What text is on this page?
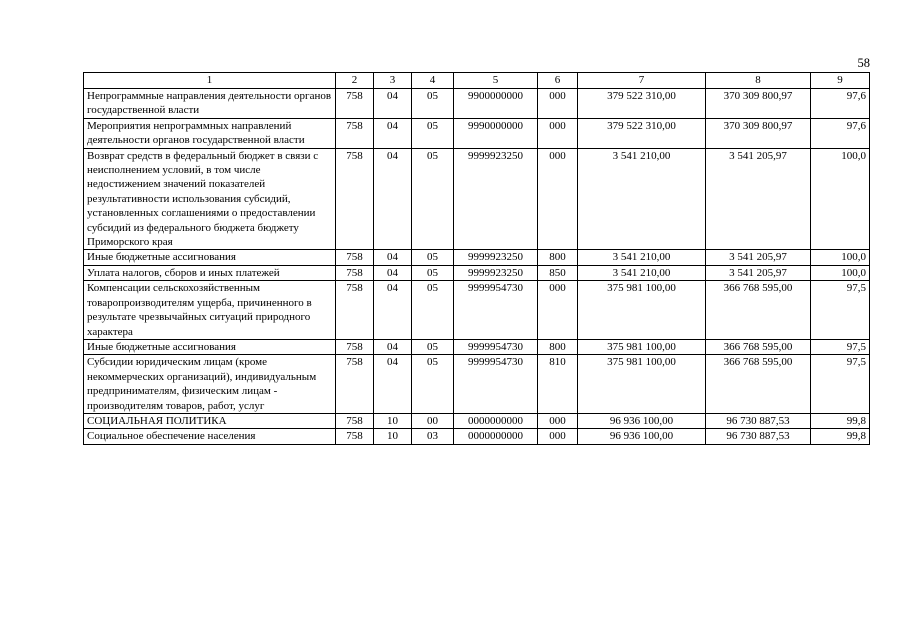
58
1	2	3	4	5	6	7	8	9
Непрограммные направления деятельности органов государственной власти	758	04	05	9900000000	000	379 522 310,00	370 309 800,97	97,6
Мероприятия непрограммных направлений деятельности органов государственной власти	758	04	05	9990000000	000	379 522 310,00	370 309 800,97	97,6
Возврат средств в федеральный бюджет в связи с неисполнением условий, в том числе недостижением значений показателей результативности использования субсидий, установленных соглашениями о предоставлении субсидий из федерального бюджета бюджету Приморского края	758	04	05	9999923250	000	3 541 210,00	3 541 205,97	100,0
Иные бюджетные ассигнования	758	04	05	9999923250	800	3 541 210,00	3 541 205,97	100,0
Уплата налогов, сборов и иных платежей	758	04	05	9999923250	850	3 541 210,00	3 541 205,97	100,0
Компенсации сельскохозяйственным товаропроизводителям ущерба, причиненного в результате чрезвычайных ситуаций природного характера	758	04	05	9999954730	000	375 981 100,00	366 768 595,00	97,5
Иные бюджетные ассигнования	758	04	05	9999954730	800	375 981 100,00	366 768 595,00	97,5
Субсидии юридическим лицам (кроме некоммерческих организаций), индивидуальным предпринимателям, физическим лицам - производителям товаров, работ, услуг	758	04	05	9999954730	810	375 981 100,00	366 768 595,00	97,5
СОЦИАЛЬНАЯ ПОЛИТИКА	758	10	00	0000000000	000	96 936 100,00	96 730 887,53	99,8
Социальное обеспечение населения	758	10	03	0000000000	000	96 936 100,00	96 730 887,53	99,8
